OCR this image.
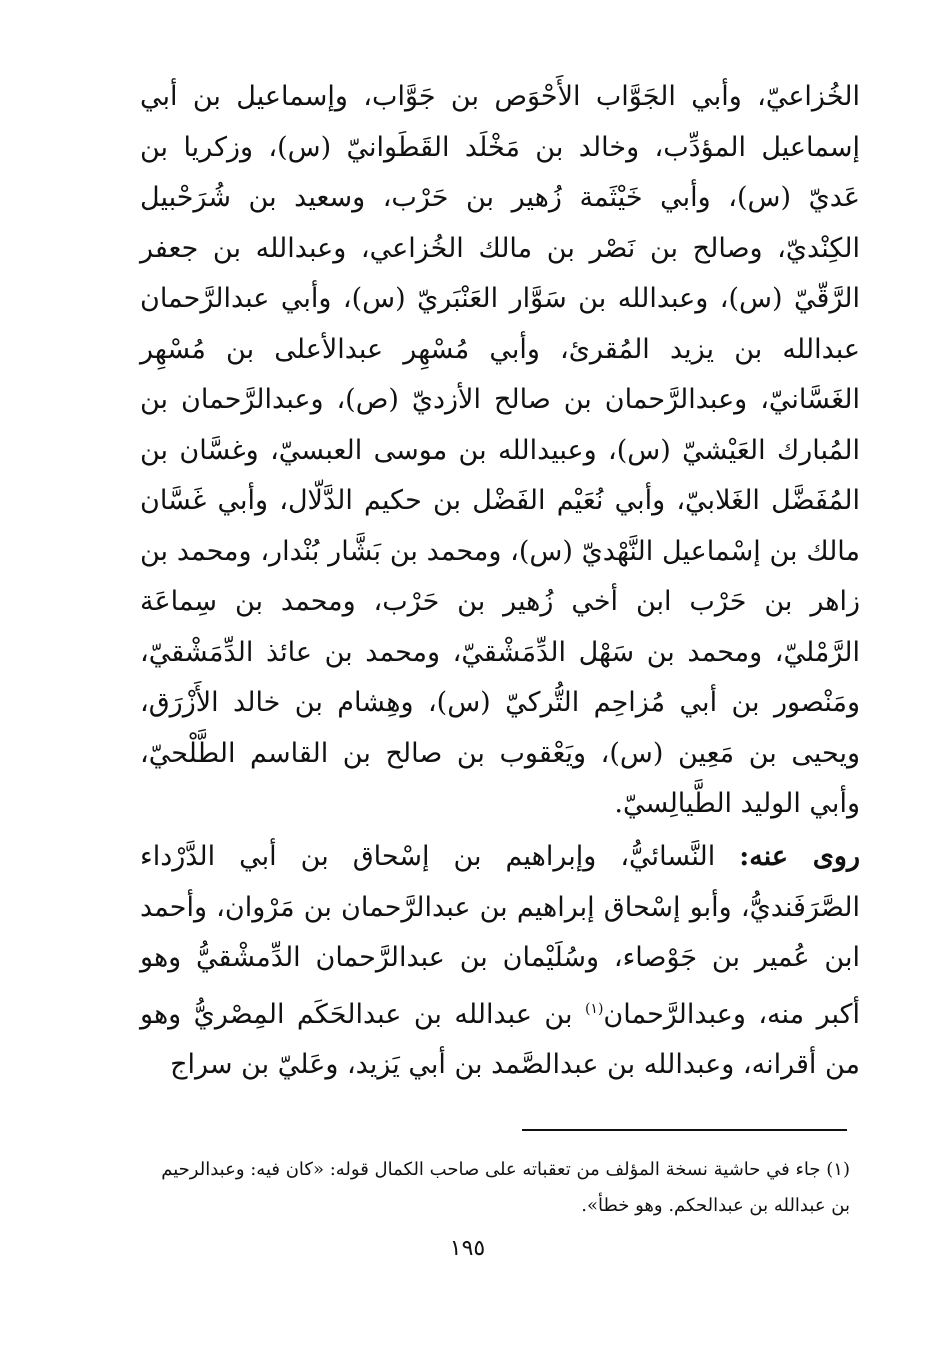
الخُزاعيّ، وأبي الجَوَّاب الأَحْوَص بن جَوَّاب، وإسماعيل بن أبي إسماعيل المؤدِّب، وخالد بن مَخْلَد القَطَوانيّ (س)، وزكريا بن عَديّ (س)، وأبي خَيْثَمة زُهير بن حَرْب، وسعيد بن شُرَحْبيل الكِنْديّ، وصالح بن نَصْر بن مالك الخُزاعي، وعبدالله بن جعفر الرَّقّيّ (س)، وعبدالله بن سَوَّار العَنْبَريّ (س)، وأبي عبدالرَّحمان عبدالله بن يزيد المُقرئ، وأبي مُسْهِر عبدالأعلى بن مُسْهِر الغَسَّانيّ، وعبدالرَّحمان بن صالح الأزديّ (ص)، وعبدالرَّحمان بن المُبارك العَيْشيّ (س)، وعبيدالله بن موسى العبسيّ، وغسَّان بن المُفَضَّل الغَلابيّ، وأبي نُعَيْم الفَضْل بن حكيم الدَّلّال، وأبي غَسَّان مالك بن إسْماعيل النَّهْديّ (س)، ومحمد بن بَشَّار بُنْدار، ومحمد بن زاهر بن حَرْب ابن أخي زُهير بن حَرْب، ومحمد بن سِماعَة الرَّمْليّ، ومحمد بن سَهْل الدِّمَشْقيّ، ومحمد بن عائذ الدِّمَشْقيّ، ومَنْصور بن أبي مُزاحِم التُّركيّ (س)، وهِشام بن خالد الأَزْرَق، ويحيى بن مَعِين (س)، ويَعْقوب بن صالح بن القاسم الطَّلْحيّ، وأبي الوليد الطَّيالِسيّ.

روى عنه: النَّسائيُّ، وإبراهيم بن إسْحاق بن أبي الدَّرْداء الصَّرَفَنديُّ، وأبو إسْحاق إبراهيم بن عبدالرَّحمان بن مَرْوان، وأحمد ابن عُمير بن جَوْصاء، وسُلَيْمان بن عبدالرَّحمان الدِّمشْقيُّ وهو أكبر منه، وعبدالرَّحمان$^{(١)}$ بن عبدالله بن عبدالحَكَم المِصْريُّ وهو من أقرانه، وعبدالله بن عبدالصَّمد بن أبي يَزيد، وعَليّ بن سراج

(١) جاء في حاشية نسخة المؤلف من تعقباته على صاحب الكمال قوله: «كان فيه: وعبدالرحيم بن عبدالله بن عبدالحكم. وهو خطأ».
١٩٥
